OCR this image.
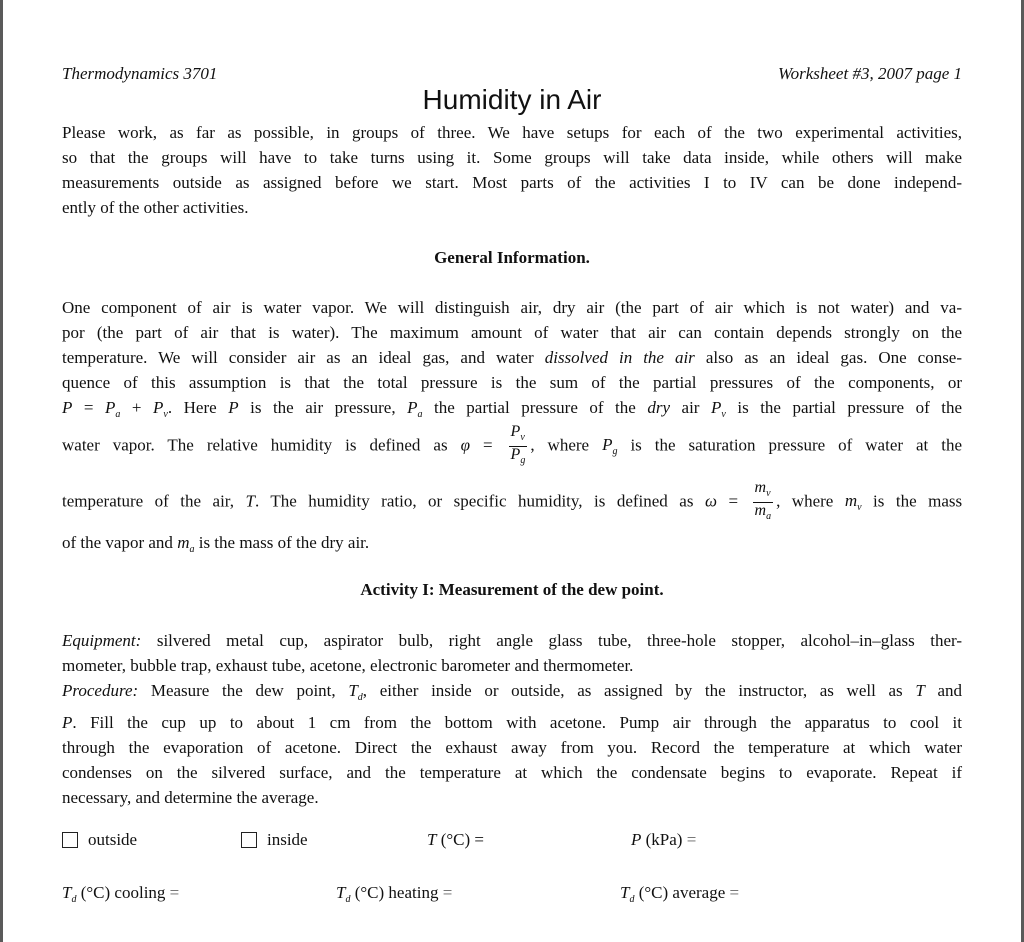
Thermodynamics 3701	Worksheet #3, 2007 page 1
Humidity in Air
Please work, as far as possible, in groups of three. We have setups for each of the two experimental activities,
so that the groups will have to take turns using it. Some groups will take data inside, while others will make
measurements outside as assigned before we start. Most parts of the activities I to IV can be done independ-
ently of the other activities.
General Information.
One component of air is water vapor. We will distinguish air, dry air (the part of air which is not water) and va-
por (the part of air that is water). The maximum amount of water that air can contain depends strongly on the
temperature. We will consider air as an ideal gas, and water dissolved in the air also as an ideal gas. One conse-
quence of this assumption is that the total pressure is the sum of the partial pressures of the components, or
$P = P_a + P_v$. Here P is the air pressure, $P_a$ the partial pressure of the dry air $P_v$ is the partial pressure of the
water vapor. The relative humidity is defined as $\varphi = \frac{P_v}{P_g}$ , where $P_g$ is the saturation pressure of water at the
temperature of the air, T. The humidity ratio, or specific humidity, is defined as $\omega = \frac{m_v}{m_a}$ , where $m_v$ is the mass
of the vapor and $m_a$ is the mass of the dry air.
Activity I: Measurement of the dew point.
Equipment: silvered metal cup, aspirator bulb, right angle glass tube, three-hole stopper, alcohol–in–glass ther-
mometer, bubble trap, exhaust tube, acetone, electronic barometer and thermometer.
Procedure: Measure the dew point, $T_d$, either inside or outside, as assigned by the instructor, as well as T and
P. Fill the cup up to about 1 cm from the bottom with acetone. Pump air through the apparatus to cool it
through the evaporation of acetone. Direct the exhaust away from you. Record the temperature at which water
condenses on the silvered surface, and the temperature at which the condensate begins to evaporate. Repeat if
necessary, and determine the average.
outside	inside	T (°C) =	P (kPa) =
$T_d$ (°C) cooling =	$T_d$ (°C) heating =	$T_d$ (°C) average =
